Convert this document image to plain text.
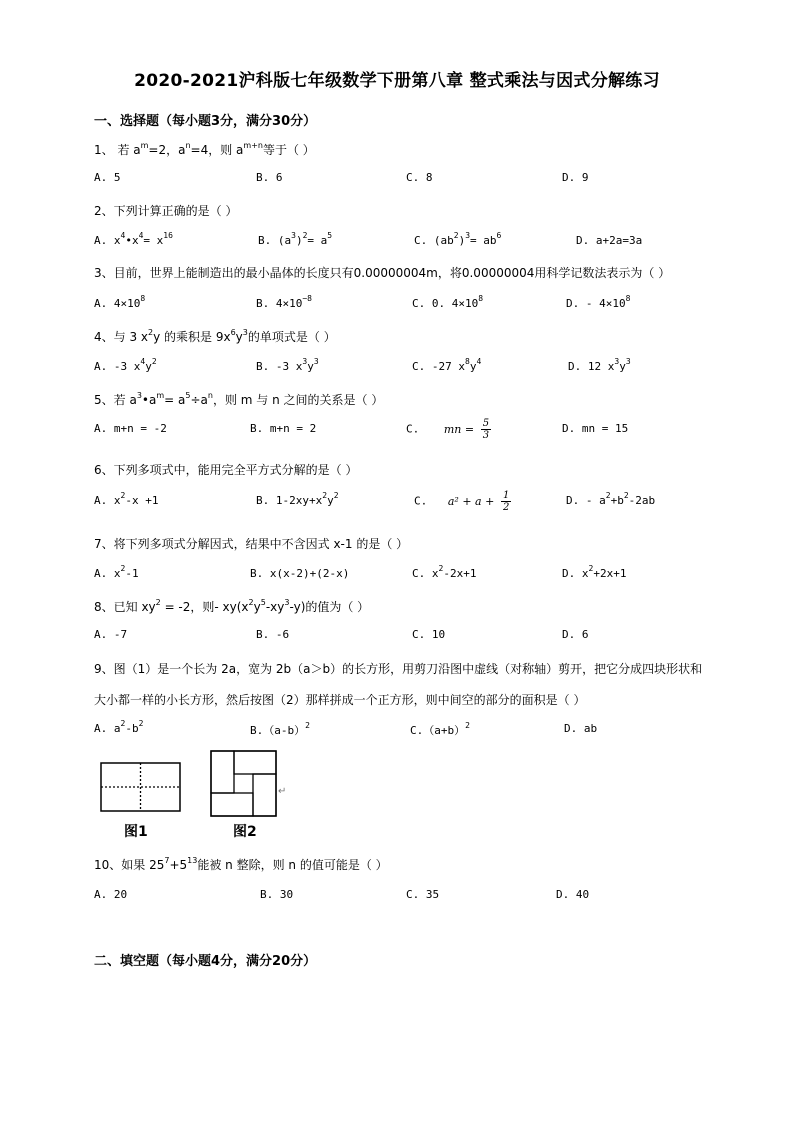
2020-2021沪科版七年级数学下册第八章 整式乘法与因式分解练习
一、选择题（每小题3分，满分30分）
1、 若 $a^m=2$，$a^n=4$，则 $a^{m+n}$等于（ ）
A. 5	B. 6	C. 8	D. 9
2、下列计算正确的是（ ）
A. $x^4•x^4= x^{16}$	B. $(a^3)^2= a^5$	C. $(ab^2)^3= ab^6$	D. a+2a=3a
3、目前，世界上能制造出的最小晶体的长度只有0.00000004m，将0.00000004用科学记数法表示为（ ）
A. $4\times 10^8$	B. $4\times 10^{-8}$	C. 0. $4\times 10^8$	D. - $4\times 10^8$
4、与 3 $x^2y$ 的乘积是 $9x^6y^3$的单项式是（ ）
A. -3 $x^4y^2$	B. -3 $x^3y^3$	C. -27 $x^8y^4$	D. 12 $x^3y^3$
5、若 $a^3•a^m= a^5\div a^n$，则 m 与 n 之间的关系是（ ）
A. m+n = -2	B. m+n = 2	C. mn = $\frac{5}{3}$	D. mn = 15
6、下列多项式中，能用完全平方式分解的是（ ）
A. $x^2-x +1$	B. $1-2xy+x^2y^2$	C. $a^2 + a + \frac{1}{2}$	D. - $a^2+b^2-2ab$
7、将下列多项式分解因式，结果中不含因式 x-1 的是（ ）
A. $x^2-1$	B. x(x-2)+(2-x)	C. $x^2-2x+1$	D. $x^2+2x+1$
8、已知 $xy^2 = -2$，则- $xy(x^2y^5-xy^3-y)$的值为（ ）
A. -7	B. -6	C. 10	D. 6
9、图（1）是一个长为 2a，宽为 2b（a＞b）的长方形，用剪刀沿图中虚线（对称轴）剪开，把它分成四块形状和
大小都一样的小长方形，然后按图（2）那样拼成一个正方形，则中间空的部分的面积是（ ）
A. $a^2-b^2$
$B.(a-b)^2$	$C.(a+b)^2$	D. ab
↵
图1	图2
10、如果 $25^7+5^{13}$能被 n 整除，则 n 的值可能是（ ）
A. 20	B. 30	C. 35	D. 40
二、填空题（每小题4分，满分20分）
